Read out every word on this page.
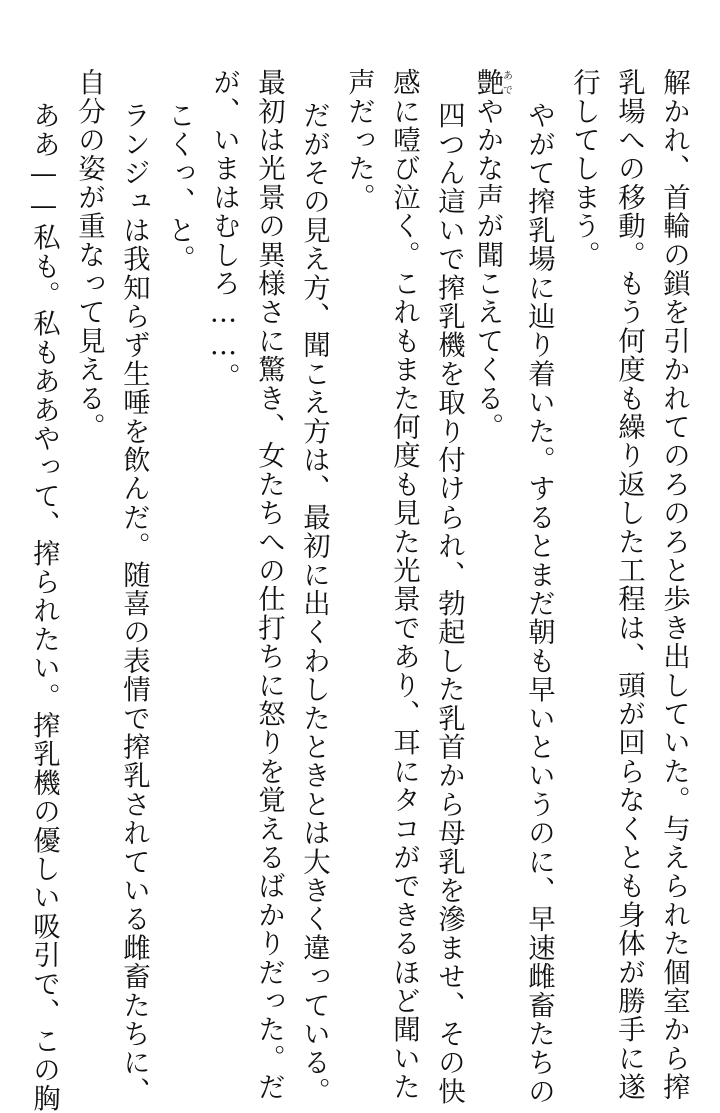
解かれ、首輪の鎖を引かれてのろのろと歩き出していた。与えられた個室から搾

乳場への移動。もう何度も繰り返した工程は、頭が回らなくとも身体が勝手に遂

行してしまう。

やがて搾乳場に辿り着いた。するとまだ朝も早いというのに、早速雌畜たちの

艶あでやかな声が聞こえてくる。

四つん這いで搾乳機を取り付けられ、勃起した乳首から母乳を滲ませ、その快

感に噎び泣く。これもまた何度も見た光景であり、耳にタコができるほど聞いた

声だった。

だがその見え方、聞こえ方は、最初に出くわしたときとは大きく違っている。

最初は光景の異様さに驚き、女たちへの仕打ちに怒りを覚えるばかりだった。だ

が、いまはむしろ……。

こくっ、と。

ランジュは我知らず生唾を飲んだ。随喜の表情で搾乳されている雌畜たちに、

自分の姿が重なって見える。

ああ——私も。私もああやって、搾られたい。搾乳機の優しい吸引で、この胸
